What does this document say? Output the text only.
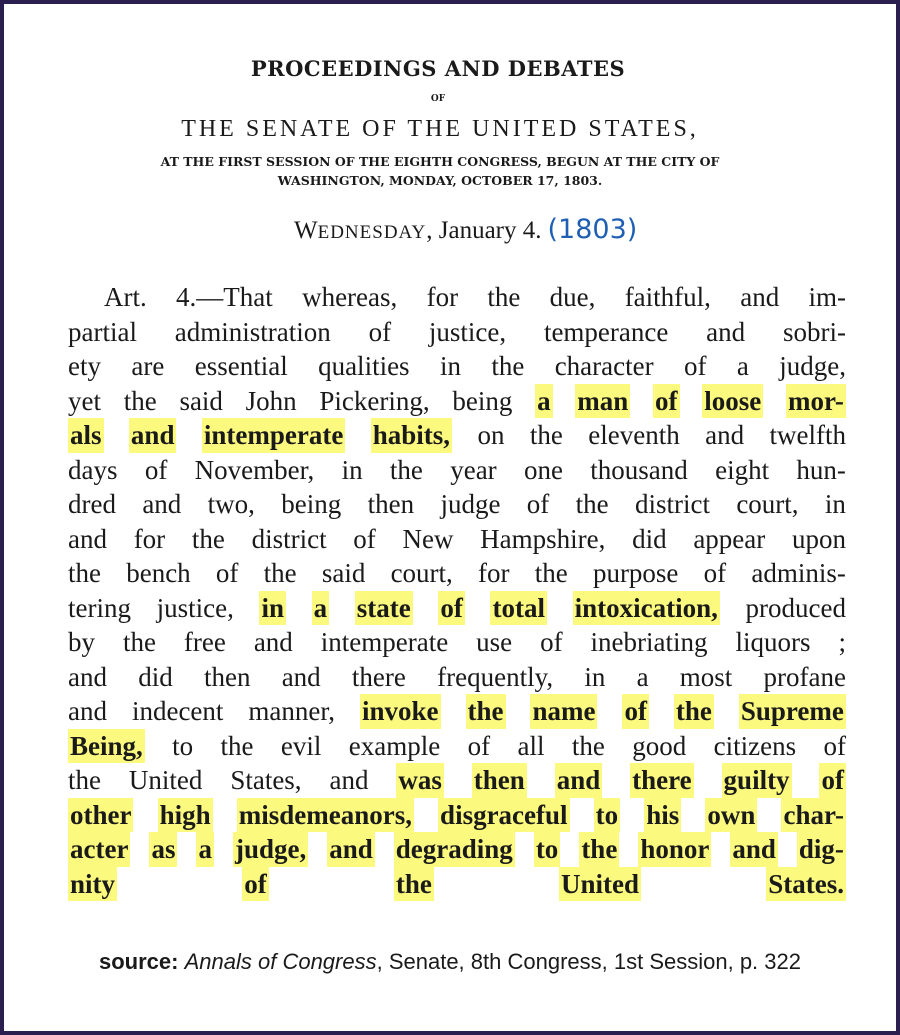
PROCEEDINGS AND DEBATES
OF
THE SENATE OF THE UNITED STATES,
AT THE FIRST SESSION OF THE EIGHTH CONGRESS, BEGUN AT THE CITY OF
WASHINGTON, MONDAY, OCTOBER 17, 1803.
WEDNESDAY, January 4. (1803)
Art. 4.—That whereas, for the due, faithful, and im-
partial administration of justice, temperance and sobri-
ety are essential qualities in the character of a judge,
yet the said John Pickering, being a man of loose mor-
als and intemperate habits, on the eleventh and twelfth
days of November, in the year one thousand eight hun-
dred and two, being then judge of the district court, in
and for the district of New Hampshire, did appear upon
the bench of the said court, for the purpose of adminis-
tering justice, in a state of total intoxication, produced
by the free and intemperate use of inebriating liquors ;
and did then and there frequently, in a most profane
and indecent manner, invoke the name of the Supreme
Being, to the evil example of all the good citizens of
the United States, and was then and there guilty of
other high misdemeanors, disgraceful to his own char-
acter as a judge, and degrading to the honor and dig-
nity	of	the	United	States.
source: Annals of Congress, Senate, 8th Congress, 1st Session, p. 322
